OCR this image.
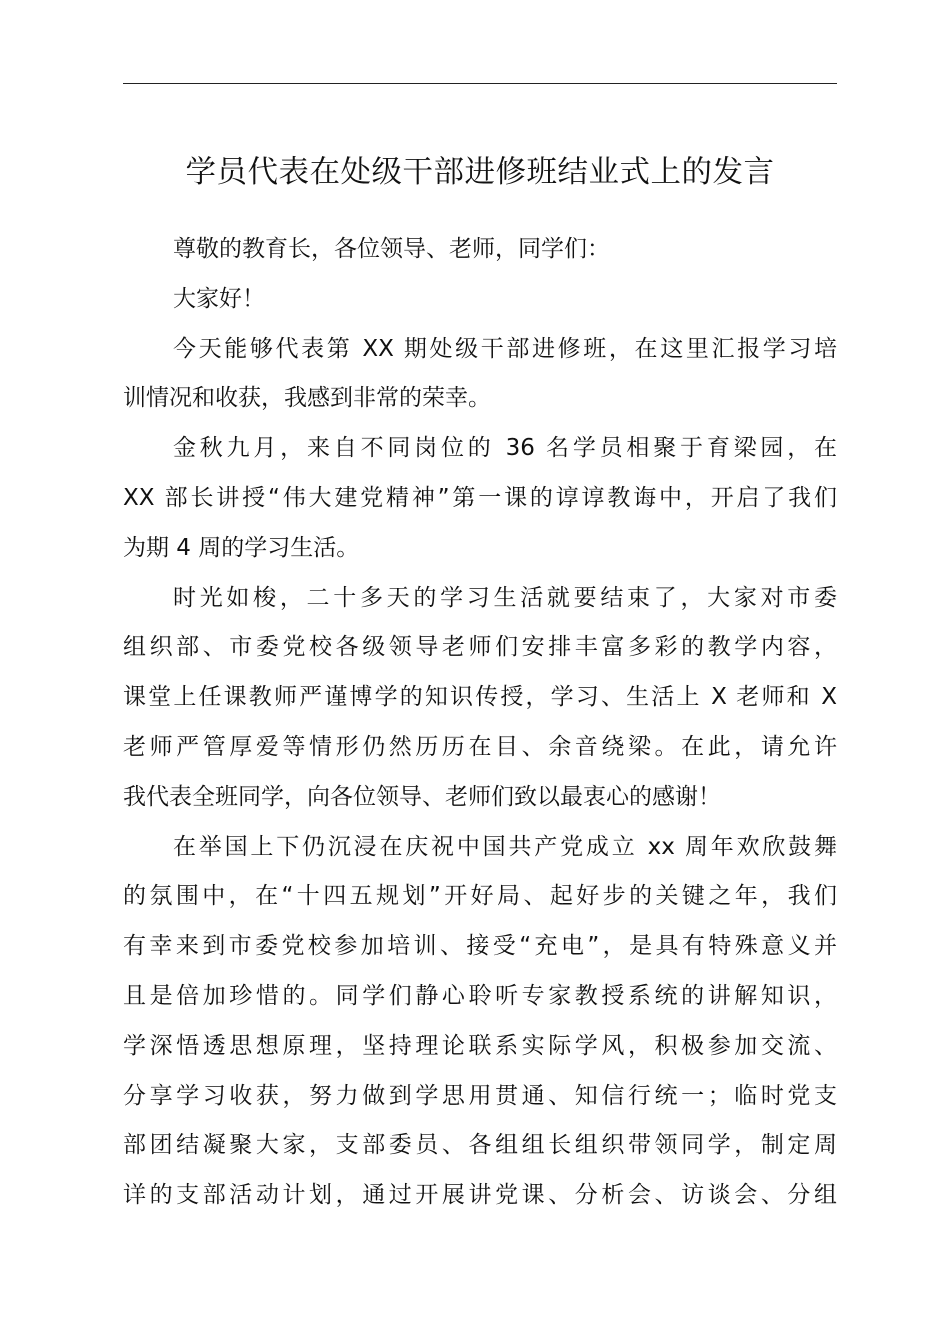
学员代表在处级干部进修班结业式上的发言
尊敬的教育长，各位领导、老师，同学们：
大家好！
今天能够代表第 XX 期处级干部进修班，在这里汇报学习培
训情况和收获，我感到非常的荣幸。
金秋九月，来自不同岗位的 36 名学员相聚于育梁园，在
XX 部长讲授“伟大建党精神”第一课的谆谆教诲中，开启了我们
为期 4 周的学习生活。
时光如梭，二十多天的学习生活就要结束了，大家对市委
组织部、市委党校各级领导老师们安排丰富多彩的教学内容，
课堂上任课教师严谨博学的知识传授，学习、生活上 X 老师和 X
老师严管厚爱等情形仍然历历在目、余音绕梁。在此，请允许
我代表全班同学，向各位领导、老师们致以最衷心的感谢！
在举国上下仍沉浸在庆祝中国共产党成立 xx 周年欢欣鼓舞
的氛围中，在“十四五规划”开好局、起好步的关键之年，我们
有幸来到市委党校参加培训、接受“充电”，是具有特殊意义并
且是倍加珍惜的。同学们静心聆听专家教授系统的讲解知识，
学深悟透思想原理，坚持理论联系实际学风，积极参加交流、
分享学习收获，努力做到学思用贯通、知信行统一；临时党支
部团结凝聚大家，支部委员、各组组长组织带领同学，制定周
详的支部活动计划，通过开展讲党课、分析会、访谈会、分组
